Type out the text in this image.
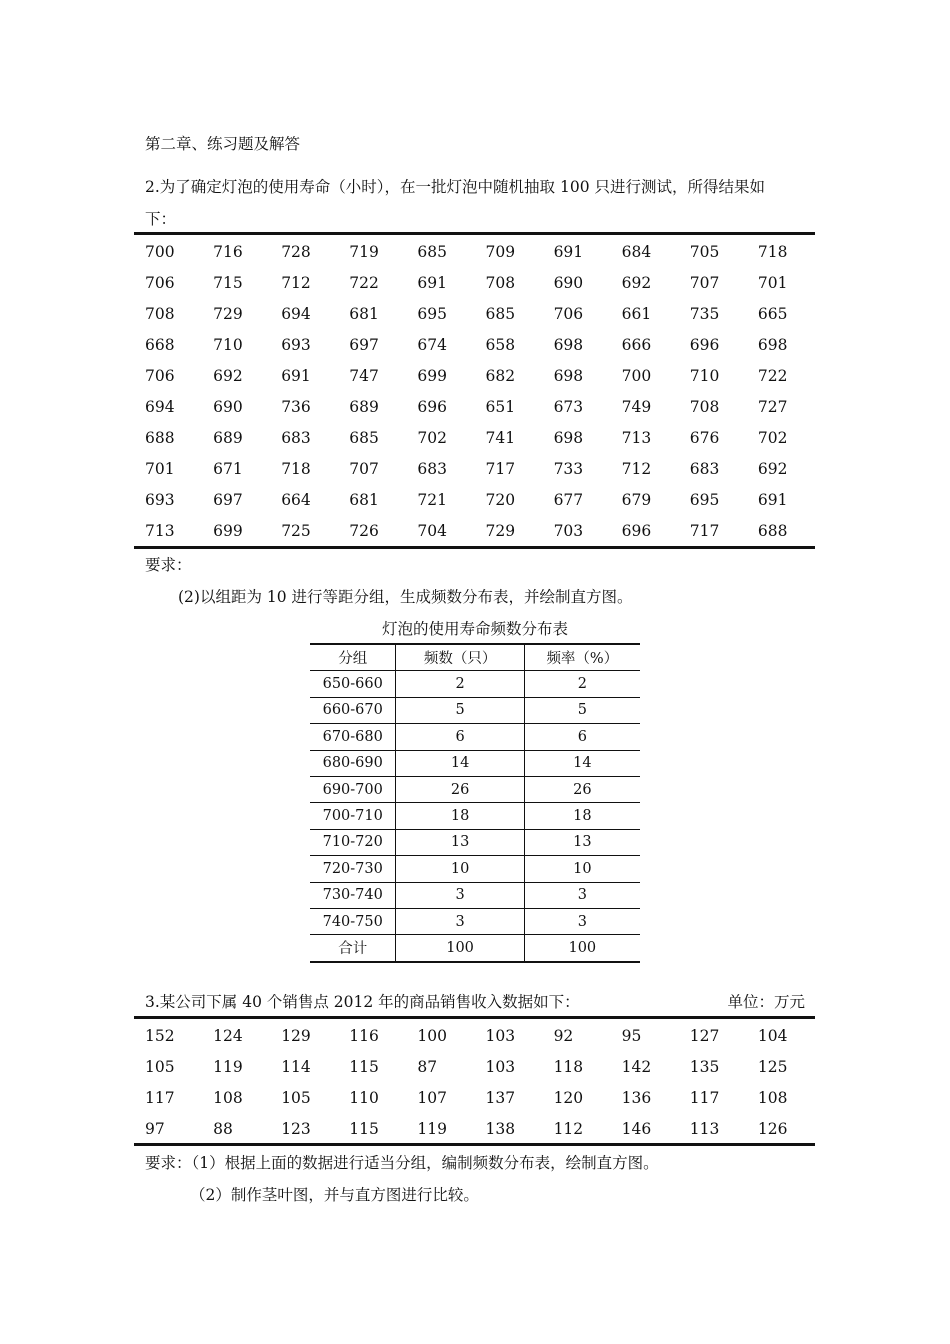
第二章、练习题及解答
2.为了确定灯泡的使用寿命（小时），在一批灯泡中随机抽取 100 只进行测试，所得结果如
下：
700	716	728	719	685	709	691	684	705	718
706	715	712	722	691	708	690	692	707	701
708	729	694	681	695	685	706	661	735	665
668	710	693	697	674	658	698	666	696	698
706	692	691	747	699	682	698	700	710	722
694	690	736	689	696	651	673	749	708	727
688	689	683	685	702	741	698	713	676	702
701	671	718	707	683	717	733	712	683	692
693	697	664	681	721	720	677	679	695	691
713	699	725	726	704	729	703	696	717	688
要求：
(2)以组距为 10 进行等距分组，生成频数分布表，并绘制直方图。
灯泡的使用寿命频数分布表
分组	频数（只）	频率（%）
650-660	2	2
660-670	5	5
670-680	6	6
680-690	14	14
690-700	26	26
700-710	18	18
710-720	13	13
720-730	10	10
730-740	3	3
740-750	3	3
合计	100	100
3.某公司下属 40 个销售点 2012 年的商品销售收入数据如下：	单位：万元
152	124	129	116	100	103	92	95	127	104
105	119	114	115	87	103	118	142	135	125
117	108	105	110	107	137	120	136	117	108
97	88	123	115	119	138	112	146	113	126
要求：（1）根据上面的数据进行适当分组，编制频数分布表，绘制直方图。
（2）制作茎叶图，并与直方图进行比较。
